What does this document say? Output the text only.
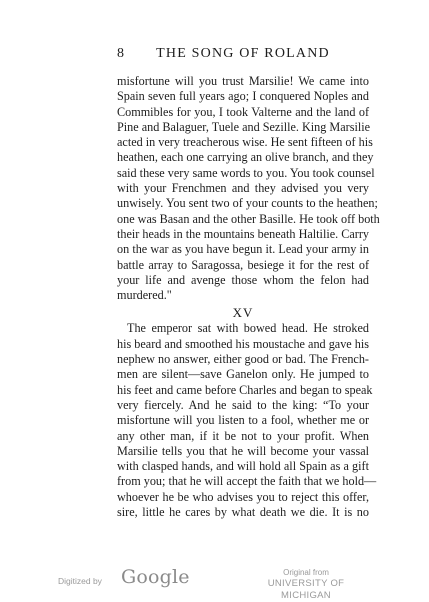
8	THE SONG OF ROLAND
misfortune will you trust Marsilie! We came into
Spain seven full years ago; I conquered Noples and
Commibles for you, I took Valterne and the land of
Pine and Balaguer, Tuele and Sezille. King Marsilie
acted in very treacherous wise. He sent fifteen of his
heathen, each one carrying an olive branch, and they
said these very same words to you. You took counsel
with your Frenchmen and they advised you very
unwisely. You sent two of your counts to the heathen;
one was Basan and the other Basille. He took off both
their heads in the mountains beneath Haltilie. Carry
on the war as you have begun it. Lead your army in
battle array to Saragossa, besiege it for the rest of
your life and avenge those whom the felon had
murdered."
XV
The emperor sat with bowed head. He stroked
his beard and smoothed his moustache and gave his
nephew no answer, either good or bad. The French-
men are silent—save Ganelon only. He jumped to
his feet and came before Charles and began to speak
very fiercely. And he said to the king: “To your
misfortune will you listen to a fool, whether me or
any other man, if it be not to your profit. When
Marsilie tells you that he will become your vassal
with clasped hands, and will hold all Spain as a gift
from you; that he will accept the faith that we hold—
whoever he be who advises you to reject this offer,
sire, little he cares by what death we die. It is no
Digitized by Google	Original from
UNIVERSITY OF MICHIGAN
